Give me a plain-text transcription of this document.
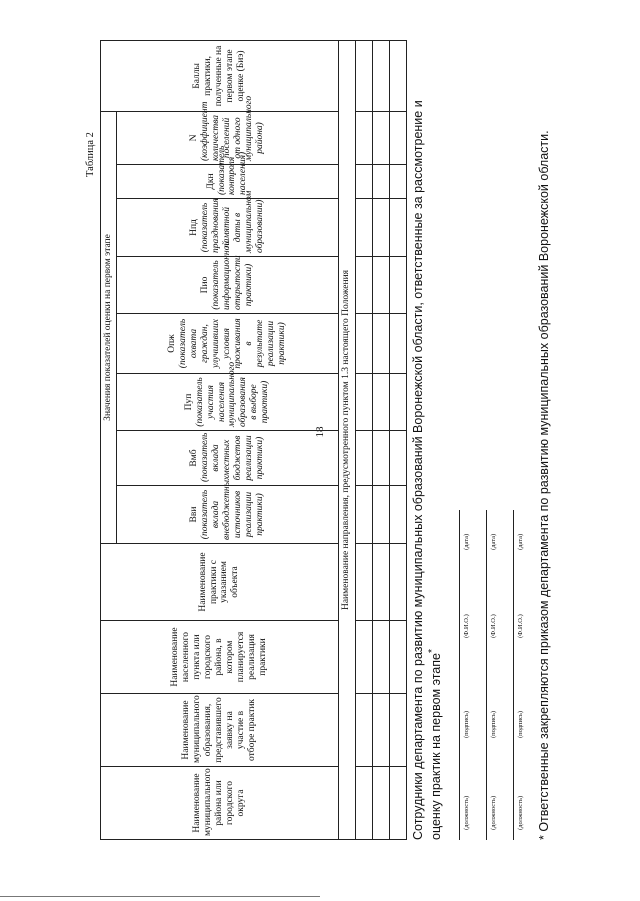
18
Таблица 2
Наименование муниципального района или городского округа	Наименование муниципального образования, представившего заявку на участие в отборе практик	Наименование населенного пункта или городского района, в котором планируется реализация практики	Наименование практики с указанием объекта	Значения показателей оценки на первом этапе								Баллы практики, полученные на первом этапе оценке (Биэ)
				Вви (показатель вклада внебюджетных источников реализации практики)	Вмб (показатель вклада местных бюджетов реализации практики)	Пуп (показатель участия населения муниципального образования в выборе практики)	Опж (показатель охвата граждан, улучшивших условия проживания в результате реализации практики)	Пио (показатель информационной открытости практики)	Нпд (показатель празднования памятной даты в муниципальном образовании)	Дкн (показатель контроля населения)	N (коэффициент количества поселений от одного муниципального района)	
Наименование направления, предусмотренного пунктом 1.3 настоящего Положения												

													Сотрудники департамента по развитию муниципальных образований Воронежской области, ответственные за рассмотрение и оценку практик на первом этапе*
(должность)
(подпись)
(Ф.И.О.)
(дата)
(должность)
(подпись)
(Ф.И.О.)
(дата)
(должность)
(подпись)
(Ф.И.О.)
(дата) * Ответственные закрепляются приказом департамента по развитию муниципальных образований Воронежской области.
